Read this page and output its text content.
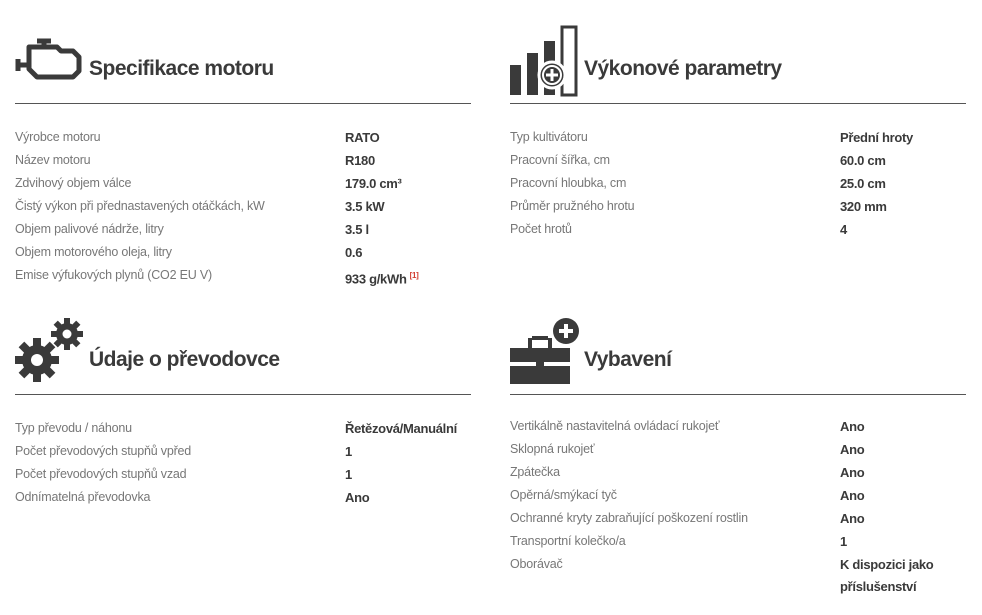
Specifikace motoru
Výrobce motoru	RATO
Název motoru	R180
Zdvihový objem válce	179.0 cm³
Čistý výkon při přednastavených otáčkách, kW	3.5 kW
Objem palivové nádrže, litry	3.5 l
Objem motorového oleja, litry	0.6
Emise výfukových plynů (CO2 EU V)	933 g/kWh [1]
Výkonové parametry
Typ kultivátoru	Přední hroty
Pracovní šířka, cm	60.0 cm
Pracovní hloubka, cm	25.0 cm
Průměr pružného hrotu	320 mm
Počet hrotů	4
Údaje o převodovce
Typ převodu / náhonu	Řetězová/Manuální
Počet převodových stupňů vpřed	1
Počet převodových stupňů vzad	1
Odnímatelná převodovka	Ano
Vybavení
Vertikálně nastavitelná ovládací rukojeť	Ano
Sklopná rukojeť	Ano
Zpátečka	Ano
Opěrná/smýkací tyč	Ano
Ochranné kryty zabraňující poškození rostlin	Ano
Transportní kolečko/a	1
Oborávač	K dispozici jako příslušenství
